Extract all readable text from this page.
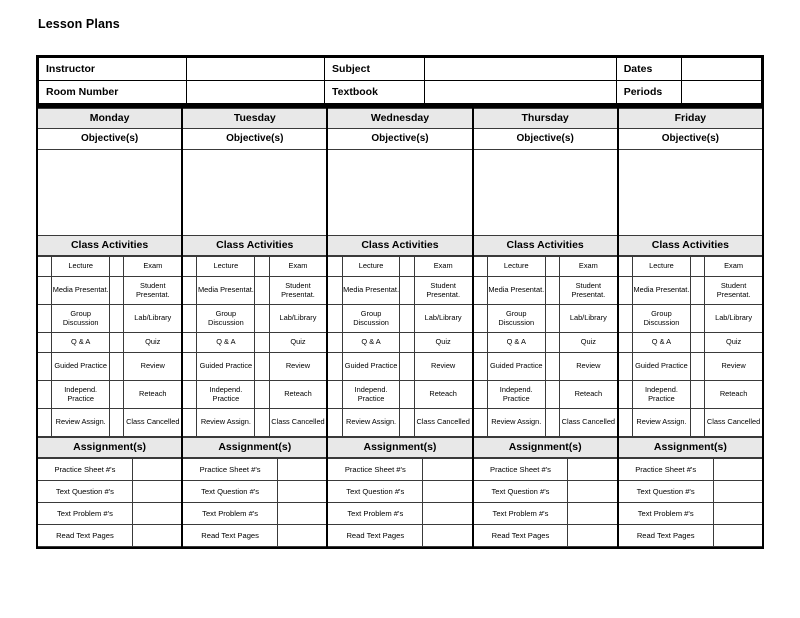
Lesson Plans
Instructor		Subject		Dates	
Room Number		Textbook		Periods	
Monday
Objective(s)

Class Activities

	Lecture		Exam
	Media Presentat.		Student Presentat.
	Group Discussion		Lab/Library
	Q & A		Quiz
	Guided Practice		Review
	Independ. Practice		Reteach
	Review Assign.		Class Cancelled

Assignment(s)

Practice Sheet #'s	
Text Question #'s	
Text Problem #'s	
Read Text Pages	

Tuesday
Objective(s)

Class Activities

	Lecture		Exam
	Media Presentat.		Student Presentat.
	Group Discussion		Lab/Library
	Q & A		Quiz
	Guided Practice		Review
	Independ. Practice		Reteach
	Review Assign.		Class Cancelled

Assignment(s)

Practice Sheet #'s	
Text Question #'s	
Text Problem #'s	
Read Text Pages	

Wednesday
Objective(s)

Class Activities

	Lecture		Exam
	Media Presentat.		Student Presentat.
	Group Discussion		Lab/Library
	Q & A		Quiz
	Guided Practice		Review
	Independ. Practice		Reteach
	Review Assign.		Class Cancelled

Assignment(s)

Practice Sheet #'s	
Text Question #'s	
Text Problem #'s	
Read Text Pages	

Thursday
Objective(s)

Class Activities

	Lecture		Exam
	Media Presentat.		Student Presentat.
	Group Discussion		Lab/Library
	Q & A		Quiz
	Guided Practice		Review
	Independ. Practice		Reteach
	Review Assign.		Class Cancelled

Assignment(s)

Practice Sheet #'s	
Text Question #'s	
Text Problem #'s	
Read Text Pages	

Friday
Objective(s)

Class Activities

	Lecture		Exam
	Media Presentat.		Student Presentat.
	Group Discussion		Lab/Library
	Q & A		Quiz
	Guided Practice		Review
	Independ. Practice		Reteach
	Review Assign.		Class Cancelled

Assignment(s)

Practice Sheet #'s	
Text Question #'s	
Text Problem #'s	
Read Text Pages	
